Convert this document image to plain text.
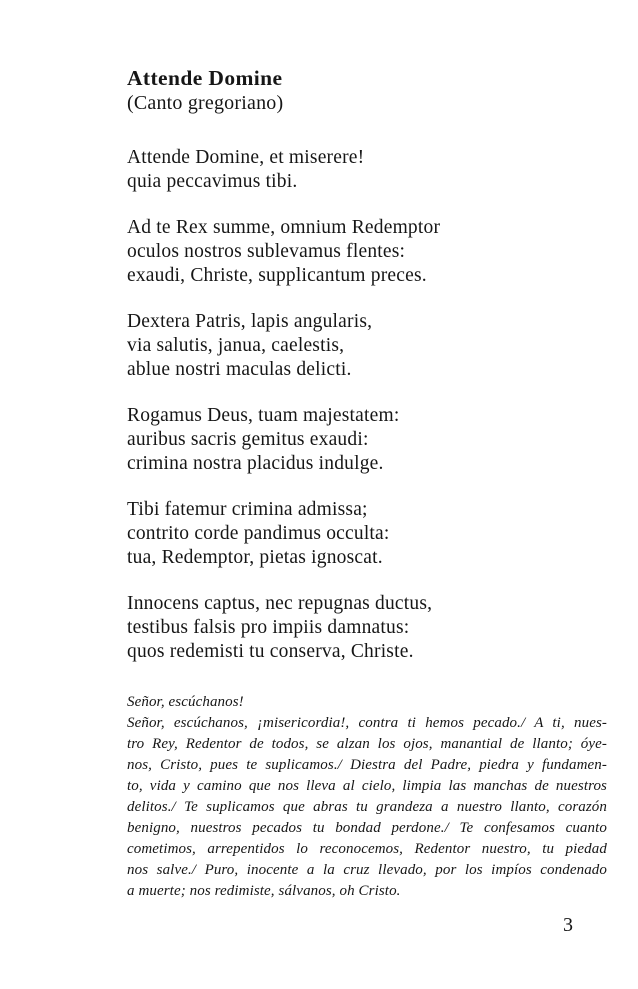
Attende Domine
(Canto gregoriano)
Attende Domine, et miserere!
quia peccavimus tibi.
Ad te Rex summe, omnium Redemptor
oculos nostros sublevamus flentes:
exaudi, Christe, supplicantum preces.
Dextera Patris, lapis angularis,
via salutis, janua, caelestis,
ablue nostri maculas delicti.
Rogamus Deus, tuam majestatem:
auribus sacris gemitus exaudi:
crimina nostra placidus indulge.
Tibi fatemur crimina admissa;
contrito corde pandimus occulta:
tua, Redemptor, pietas ignoscat.
Innocens captus, nec repugnas ductus,
testibus falsis pro impiis damnatus:
quos redemisti tu conserva, Christe.
Señor, escúchanos!
Señor, escúchanos, ¡misericordia!, contra ti hemos pecado./ A ti, nues-
tro Rey, Redentor de todos, se alzan los ojos, manantial de llanto; óye-
nos, Cristo, pues te suplicamos./ Diestra del Padre, piedra y fundamen-
to, vida y camino que nos lleva al cielo, limpia las manchas de nuestros
delitos./ Te suplicamos que abras tu grandeza a nuestro llanto, corazón
benigno, nuestros pecados tu bondad perdone./ Te confesamos cuanto
cometimos, arrepentidos lo reconocemos, Redentor nuestro, tu piedad
nos salve./ Puro, inocente a la cruz llevado, por los impíos condenado
a muerte; nos redimiste, sálvanos, oh Cristo.
3
